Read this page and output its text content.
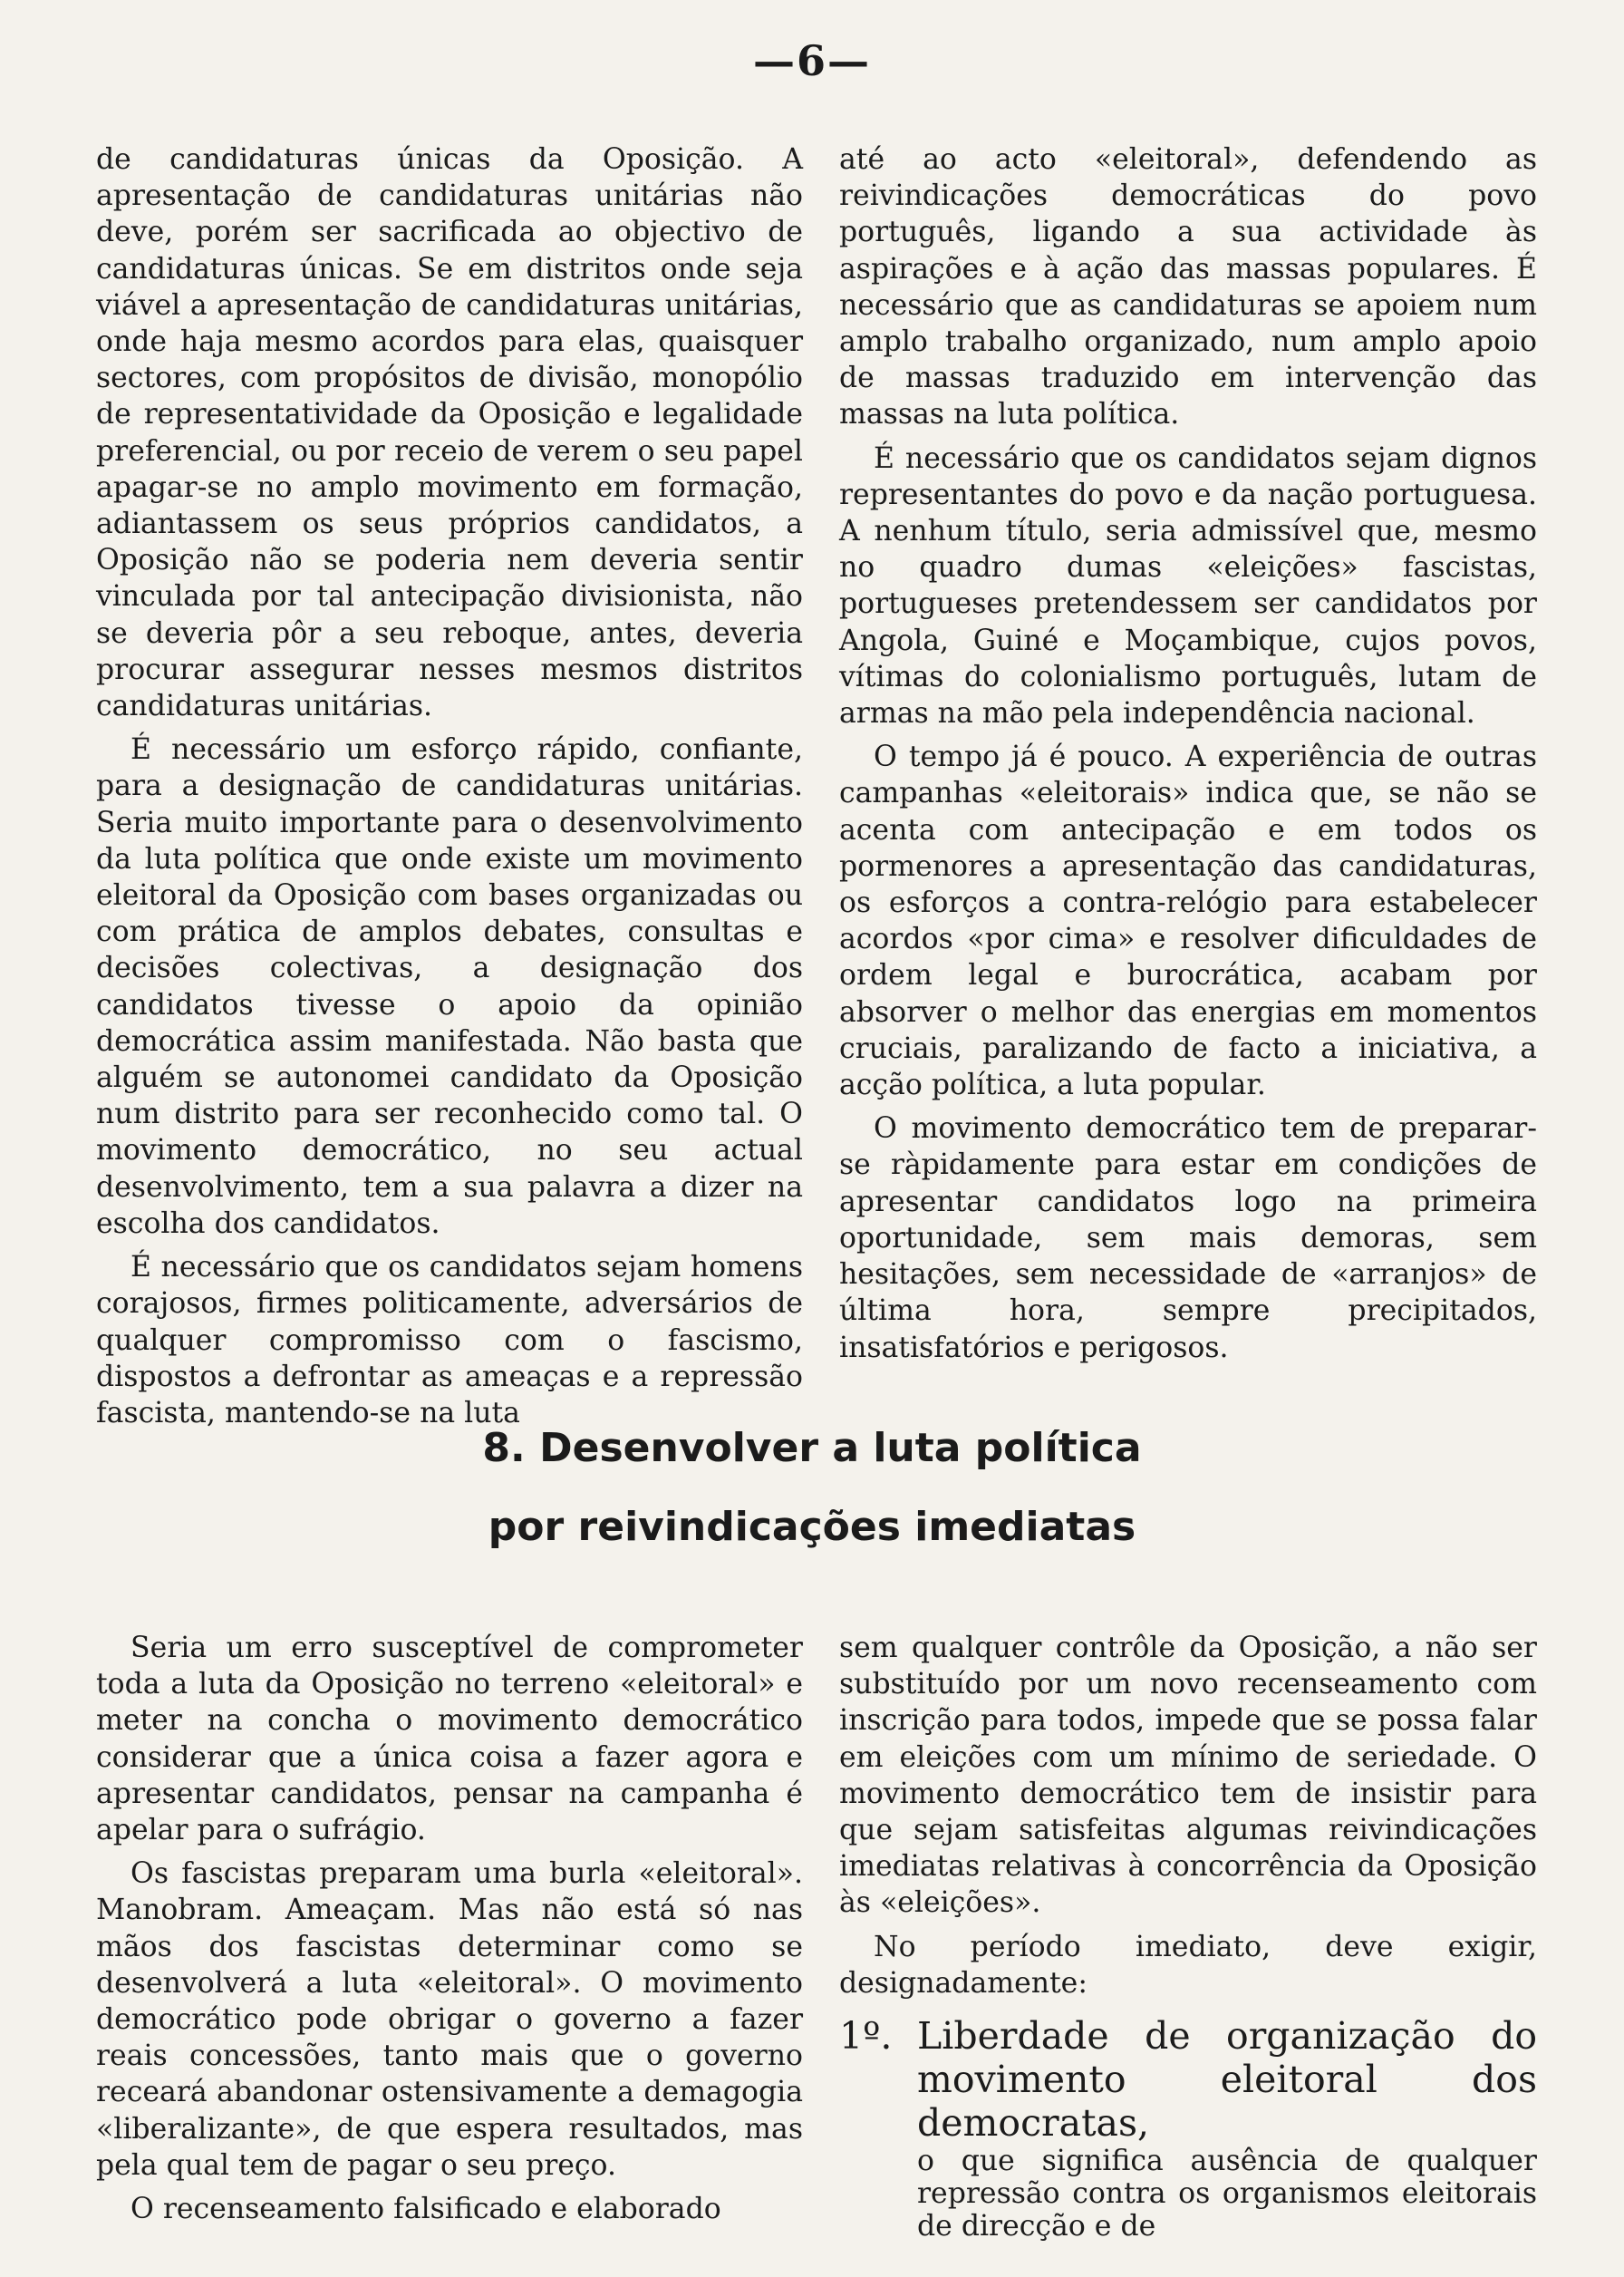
—6—

de candidaturas únicas da Oposição. A apresentação de candidaturas unitárias não deve, porém ser sacrificada ao objectivo de candidaturas únicas. Se em distritos onde seja viável a apresentação de candidaturas unitárias, onde haja mesmo acordos para elas, quaisquer sectores, com propósitos de divisão, monopólio de representatividade da Oposição e legalidade preferencial, ou por receio de verem o seu papel apagar-se no amplo movimento em formação, adiantassem os seus próprios candidatos, a Oposição não se poderia nem deveria sentir vinculada por tal antecipação divisionista, não se deveria pôr a seu reboque, antes, deveria procurar assegurar nesses mesmos distritos candidaturas unitárias.

É necessário um esforço rápido, confiante, para a designação de candidaturas unitárias. Seria muito importante para o desenvolvimento da luta política que onde existe um movimento eleitoral da Oposição com bases organizadas ou com prática de amplos debates, consultas e decisões colectivas, a designação dos candidatos tivesse o apoio da opinião democrática assim manifestada. Não basta que alguém se autonomei candidato da Oposição num distrito para ser reconhecido como tal. O movimento democrático, no seu actual desenvolvimento, tem a sua palavra a dizer na escolha dos candidatos.

É necessário que os candidatos sejam homens corajosos, firmes politicamente, adversários de qualquer compromisso com o fascismo, dispostos a defrontar as ameaças e a repressão fascista, mantendo-se na luta

até ao acto «eleitoral», defendendo as reivindicações democráticas do povo português, ligando a sua actividade às aspirações e à ação das massas populares. É necessário que as candidaturas se apoiem num amplo trabalho organizado, num amplo apoio de massas traduzido em intervenção das massas na luta política.

É necessário que os candidatos sejam dignos representantes do povo e da nação portuguesa. A nenhum título, seria admissível que, mesmo no quadro dumas «eleições» fascistas, portugueses pretendessem ser candidatos por Angola, Guiné e Moçambique, cujos povos, vítimas do colonialismo português, lutam de armas na mão pela independência nacional.

O tempo já é pouco. A experiência de outras campanhas «eleitorais» indica que, se não se acenta com antecipação e em todos os pormenores a apresentação das candidaturas, os esforços a contra-relógio para estabelecer acordos «por cima» e resolver dificuldades de ordem legal e burocrática, acabam por absorver o melhor das energias em momentos cruciais, paralizando de facto a iniciativa, a acção política, a luta popular.

O movimento democrático tem de preparar-se ràpidamente para estar em condições de apresentar candidatos logo na primeira oportunidade, sem mais demoras, sem hesitações, sem necessidade de «arranjos» de última hora, sempre precipitados, insatisfatórios e perigosos.

8. Desenvolver a luta política
por reivindicações imediatas

Seria um erro susceptível de comprometer toda a luta da Oposição no terreno «eleitoral» e meter na concha o movimento democrático considerar que a única coisa a fazer agora e apresentar candidatos, pensar na campanha é apelar para o sufrágio.

Os fascistas preparam uma burla «eleitoral». Manobram. Ameaçam. Mas não está só nas mãos dos fascistas determinar como se desenvolverá a luta «eleitoral». O movimento democrático pode obrigar o governo a fazer reais concessões, tanto mais que o governo receará abandonar ostensivamente a demagogia «liberalizante», de que espera resultados, mas pela qual tem de pagar o seu preço.

O recenseamento falsificado e elaborado

sem qualquer contrôle da Oposição, a não ser substituído por um novo recenseamento com inscrição para todos, impede que se possa falar em eleições com um mínimo de seriedade. O movimento democrático tem de insistir para que sejam satisfeitas algumas reivindicações imediatas relativas à concorrência da Oposição às «eleições».

No período imediato, deve exigir, designadamente:

1º. Liberdade de organização do movimento eleitoral dos democratas,
o que significa ausência de qualquer repressão contra os organismos eleitorais de direcção e de
